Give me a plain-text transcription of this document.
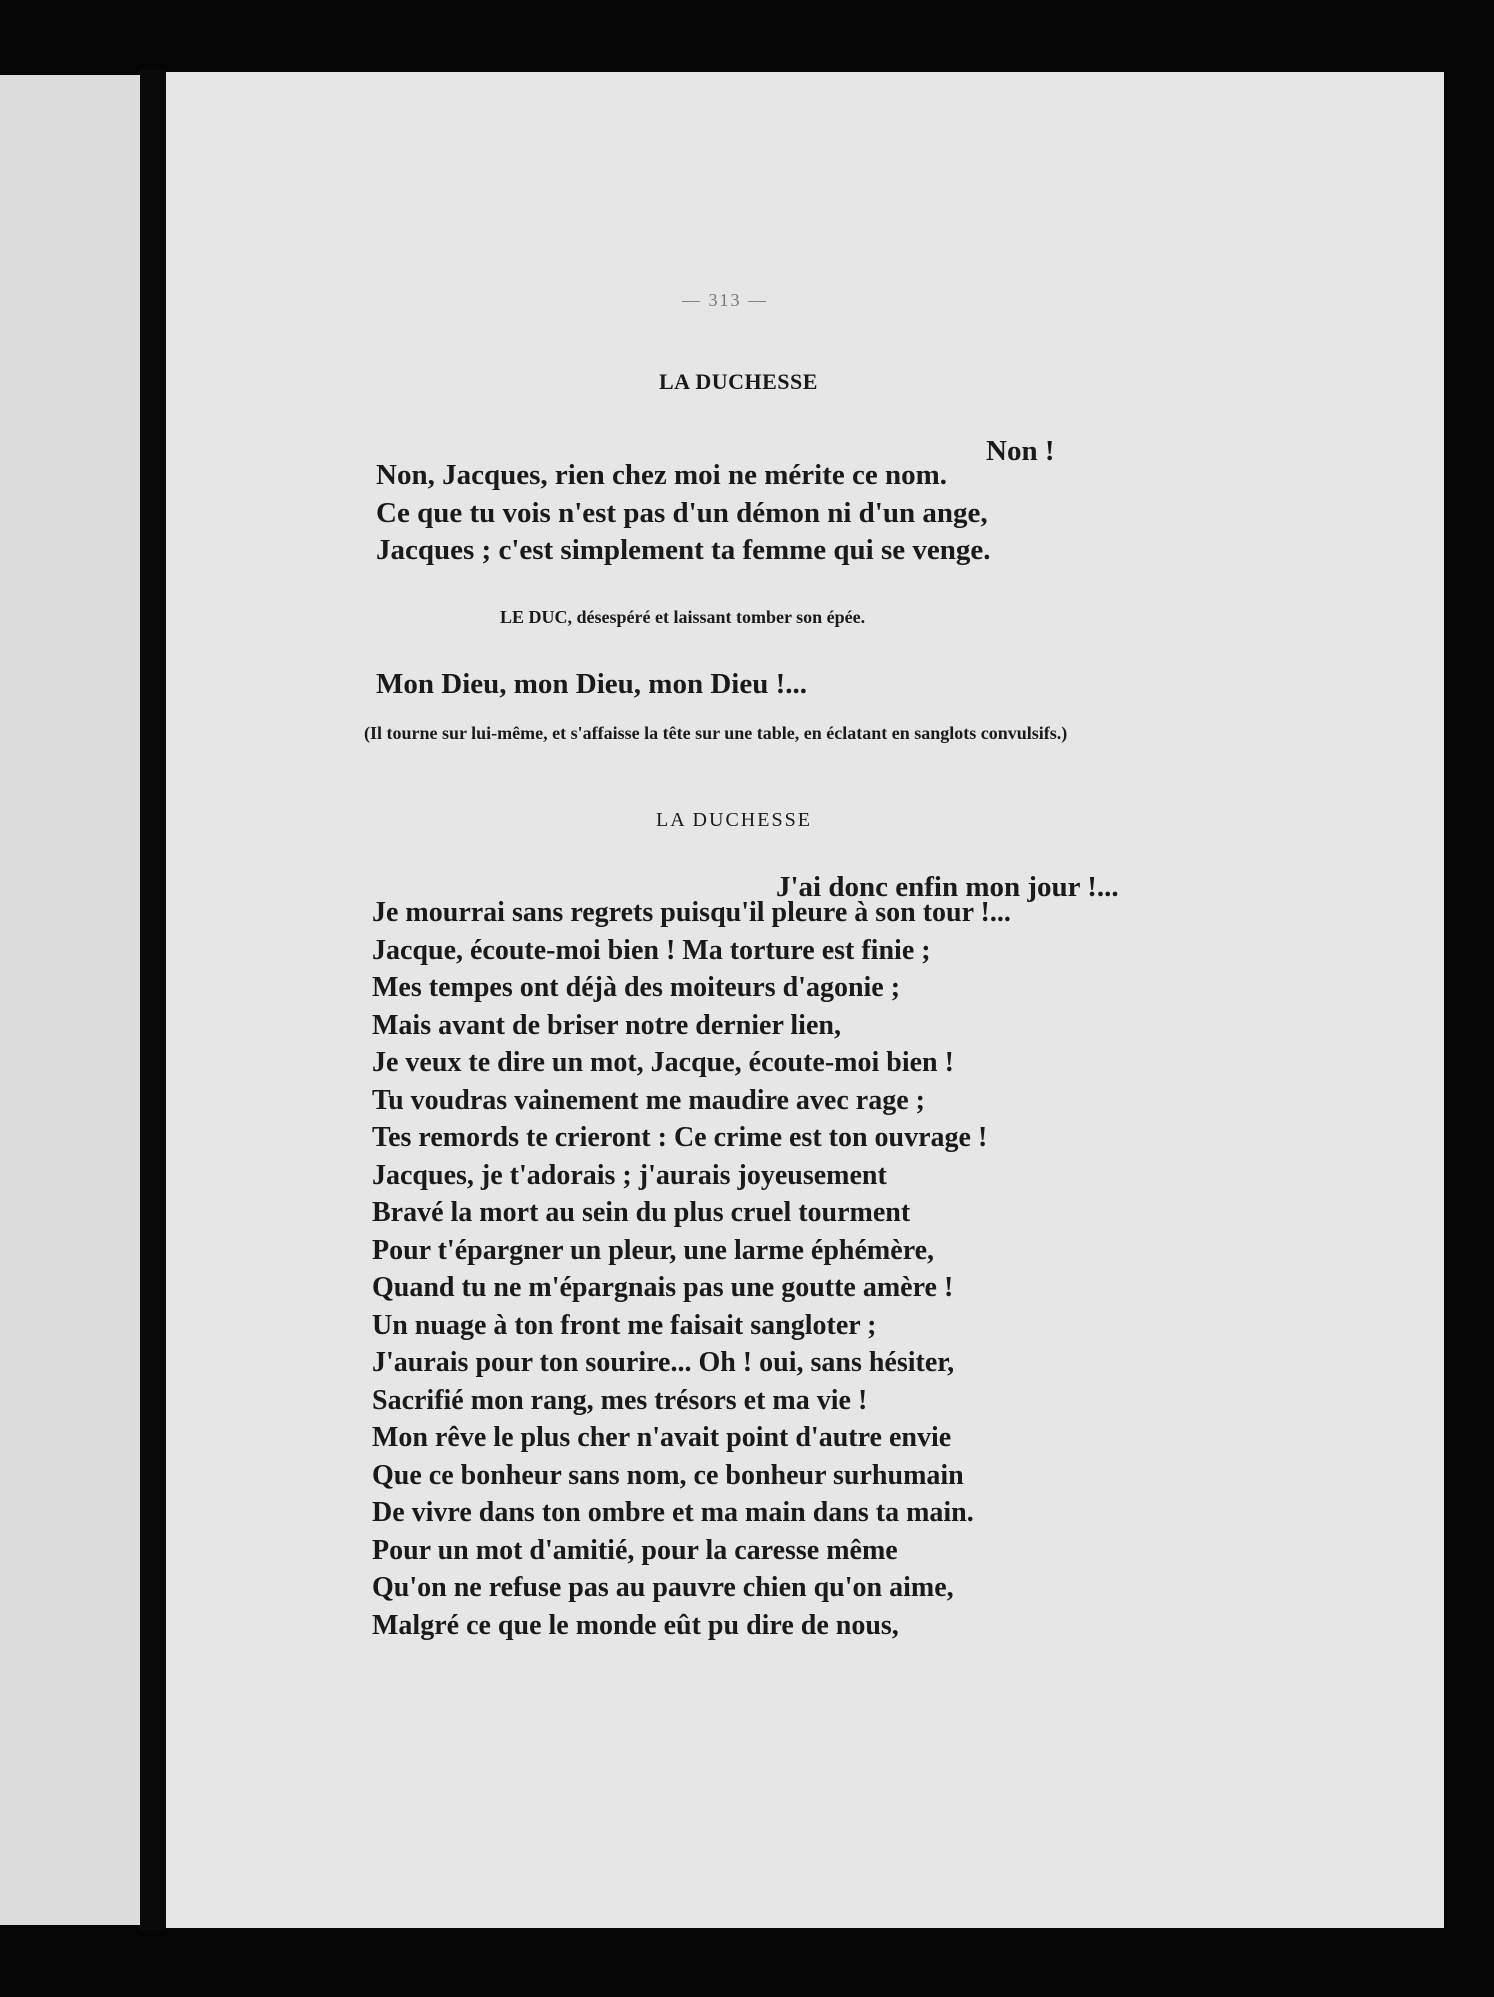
— 313 —
LA DUCHESSE
Non !
Non, Jacques, rien chez moi ne mérite ce nom.
Ce que tu vois n'est pas d'un démon ni d'un ange,
Jacques ; c'est simplement ta femme qui se venge.
LE DUC, désespéré et laissant tomber son épée.
Mon Dieu, mon Dieu, mon Dieu !...
(Il tourne sur lui-même, et s'affaisse la tête sur une table, en éclatant en sanglots convulsifs.)
LA DUCHESSE
J'ai donc enfin mon jour !...
Je mourrai sans regrets puisqu'il pleure à son tour !...
Jacque, écoute-moi bien ! Ma torture est finie ;
Mes tempes ont déjà des moiteurs d'agonie ;
Mais avant de briser notre dernier lien,
Je veux te dire un mot, Jacque, écoute-moi bien !
Tu voudras vainement me maudire avec rage ;
Tes remords te crieront : Ce crime est ton ouvrage !
Jacques, je t'adorais ; j'aurais joyeusement
Bravé la mort au sein du plus cruel tourment
Pour t'épargner un pleur, une larme éphémère,
Quand tu ne m'épargnais pas une goutte amère !
Un nuage à ton front me faisait sangloter ;
J'aurais pour ton sourire... Oh ! oui, sans hésiter,
Sacrifié mon rang, mes trésors et ma vie !
Mon rêve le plus cher n'avait point d'autre envie
Que ce bonheur sans nom, ce bonheur surhumain
De vivre dans ton ombre et ma main dans ta main.
Pour un mot d'amitié, pour la caresse même
Qu'on ne refuse pas au pauvre chien qu'on aime,
Malgré ce que le monde eût pu dire de nous,
